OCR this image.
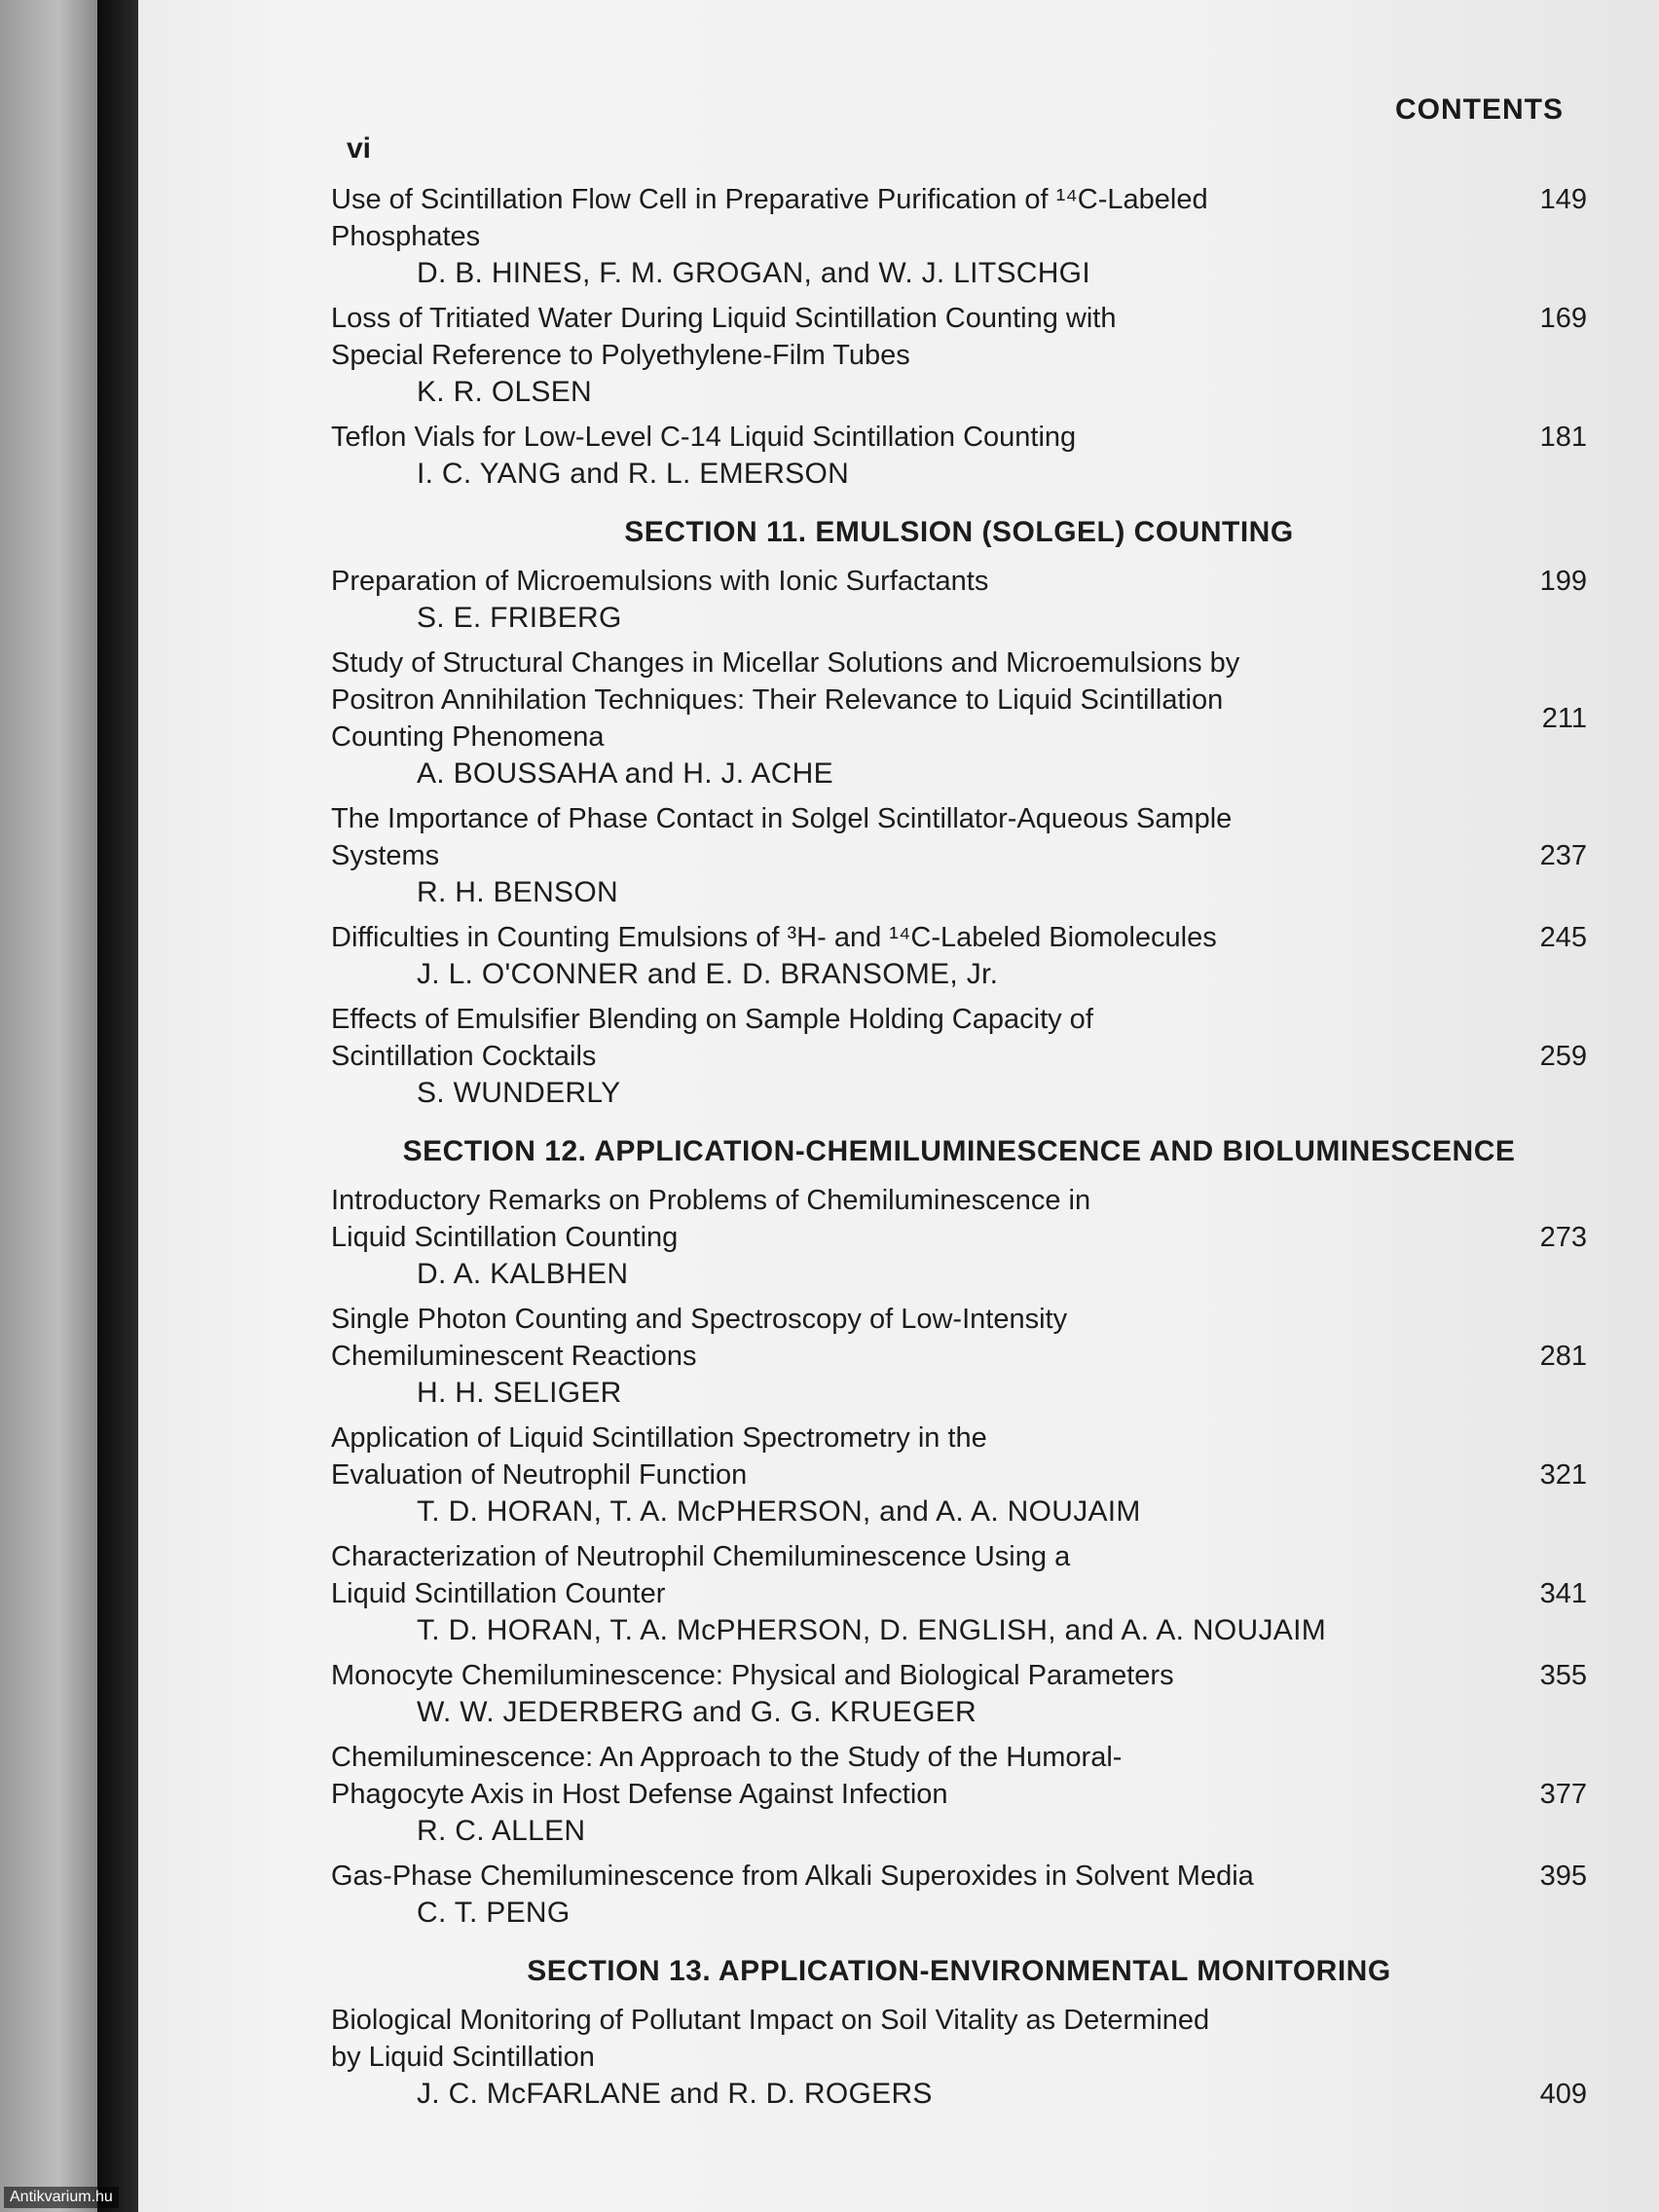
CONTENTS
vi
Use of Scintillation Flow Cell in Preparative Purification of ¹⁴C-Labeled
Phosphates
D. B. HINES, F. M. GROGAN, and W. J. LITSCHGI
149
Loss of Tritiated Water During Liquid Scintillation Counting with
Special Reference to Polyethylene-Film Tubes
K. R. OLSEN
169
Teflon Vials for Low-Level C-14 Liquid Scintillation Counting
I. C. YANG and R. L. EMERSON
181
SECTION 11. EMULSION (SOLGEL) COUNTING
Preparation of Microemulsions with Ionic Surfactants
S. E. FRIBERG
199
Study of Structural Changes in Micellar Solutions and Microemulsions by
Positron Annihilation Techniques: Their Relevance to Liquid Scintillation
Counting Phenomena
A. BOUSSAHA and H. J. ACHE
211
The Importance of Phase Contact in Solgel Scintillator-Aqueous Sample
Systems
R. H. BENSON
237
Difficulties in Counting Emulsions of ³H- and ¹⁴C-Labeled Biomolecules
J. L. O'CONNER and E. D. BRANSOME, Jr.
245
Effects of Emulsifier Blending on Sample Holding Capacity of
Scintillation Cocktails
S. WUNDERLY
259
SECTION 12. APPLICATION-CHEMILUMINESCENCE AND BIOLUMINESCENCE
Introductory Remarks on Problems of Chemiluminescence in
Liquid Scintillation Counting
D. A. KALBHEN
273
Single Photon Counting and Spectroscopy of Low-Intensity
Chemiluminescent Reactions
H. H. SELIGER
281
Application of Liquid Scintillation Spectrometry in the
Evaluation of Neutrophil Function
T. D. HORAN, T. A. McPHERSON, and A. A. NOUJAIM
321
Characterization of Neutrophil Chemiluminescence Using a
Liquid Scintillation Counter
T. D. HORAN, T. A. McPHERSON, D. ENGLISH, and A. A. NOUJAIM
341
Monocyte Chemiluminescence: Physical and Biological Parameters
W. W. JEDERBERG and G. G. KRUEGER
355
Chemiluminescence: An Approach to the Study of the Humoral-
Phagocyte Axis in Host Defense Against Infection
R. C. ALLEN
377
Gas-Phase Chemiluminescence from Alkali Superoxides in Solvent Media
C. T. PENG
395
SECTION 13. APPLICATION-ENVIRONMENTAL MONITORING
Biological Monitoring of Pollutant Impact on Soil Vitality as Determined
by Liquid Scintillation
J. C. McFARLANE and R. D. ROGERS	409
Antikvarium.hu
